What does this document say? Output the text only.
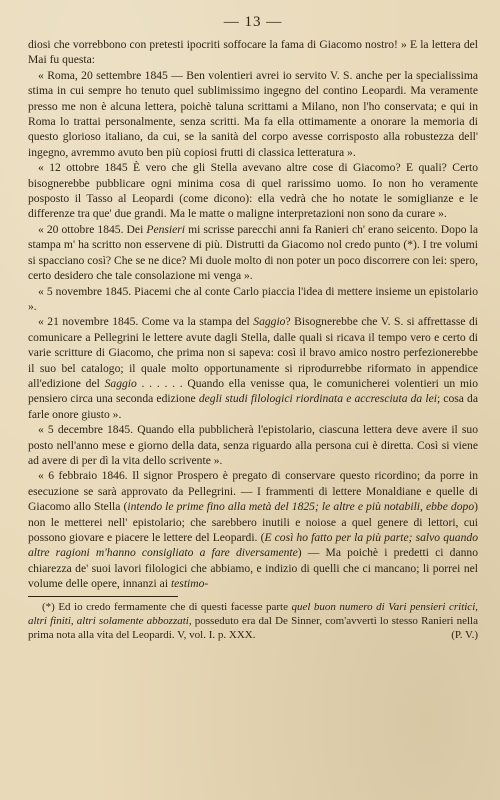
— 13 —

diosi che vorrebbono con pretesti ipocriti soffocare la fama di Giacomo nostro! » E la lettera del Mai fu questa:

« Roma, 20 settembre 1845 — Ben volentieri avrei io servito V. S. anche per la specialissima stima in cui sempre ho tenuto quel sublimissimo ingegno del contino Leopardi. Ma veramente presso me non è alcuna lettera, poichè taluna scrittami a Milano, non l'ho conservata; e qui in Roma lo trattai personalmente, senza scritti. Ma fa ella ottimamente a onorare la memoria di questo glorioso italiano, da cui, se la sanità del corpo avesse corrisposto alla robustezza dell' ingegno, avremmo avuto ben più copiosi frutti di classica letteratura ».

« 12 ottobre 1845 È vero che gli Stella avevano altre cose di Giacomo? E quali? Certo bisognerebbe pubblicare ogni minima cosa di quel rarissimo uomo. Io non ho veramente posposto il Tasso al Leopardi (come dicono): ella vedrà che ho notate le somiglianze e le differenze tra que' due grandi. Ma le matte o maligne interpretazioni non sono da curare ».

« 20 ottobre 1845. Dei Pensieri mi scrisse parecchi anni fa Ranieri ch' erano seicento. Dopo la stampa m' ha scritto non esservene di più. Distrutti da Giacomo nol credo punto (*). I tre volumi si spacciano così? Che se ne dice? Mi duole molto di non poter un poco discorrere con lei: spero, certo desidero che tale consolazione mi venga ».

« 5 novembre 1845. Piacemi che al conte Carlo piaccia l'idea di mettere insieme un epistolario ».

« 21 novembre 1845. Come va la stampa del Saggio? Bisognerebbe che V. S. si affrettasse di comunicare a Pellegrini le lettere avute dagli Stella, dalle quali si ricava il tempo vero e certo di varie scritture di Giacomo, che prima non si sapeva: così il bravo amico nostro perfezionerebbe il suo bel catalogo; il quale molto opportunamente si riprodurrebbe riformato in appendice all'edizione del Saggio . . . . . . Quando ella venisse qua, le comunicherei volentieri un mio pensiero circa una seconda edizione degli studi filologici riordinata e accresciuta da lei; cosa da farle onore giusto ».

« 5 decembre 1845. Quando ella pubblicherà l'epistolario, ciascuna lettera deve avere il suo posto nell'anno mese e giorno della data, senza riguardo alla persona cui è diretta. Così si viene ad avere di per dì la vita dello scrivente ».

« 6 febbraio 1846. Il signor Prospero è pregato di conservare questo ricordino; da porre in esecuzione se sarà approvato da Pellegrini. — I frammenti di lettere Monaldiane e quelle di Giacomo allo Stella (intendo le prime fino alla metà del 1825; le altre e più notabili, ebbe dopo) non le metterei nell' epistolario; che sarebbero inutili e noiose a quel genere di lettori, cui possono giovare e piacere le lettere del Leopardi. (E così ho fatto per la più parte; salvo quando altre ragioni m'hanno consigliato a fare diversamente) — Ma poichè i predetti ci danno chiarezza de' suoi lavori filologici che abbiamo, e indizio di quelli che ci mancano; li porrei nel volume delle opere, innanzi ai testimo-

(*) Ed io credo fermamente che di questi facesse parte quel buon numero di Vari pensieri critici, altri finiti, altri solamente abbozzati, posseduto era dal De Sinner, com'avvertì lo stesso Ranieri nella prima nota alla vita del Leopardi. V, vol. I. p. XXX.	(P. V.)
